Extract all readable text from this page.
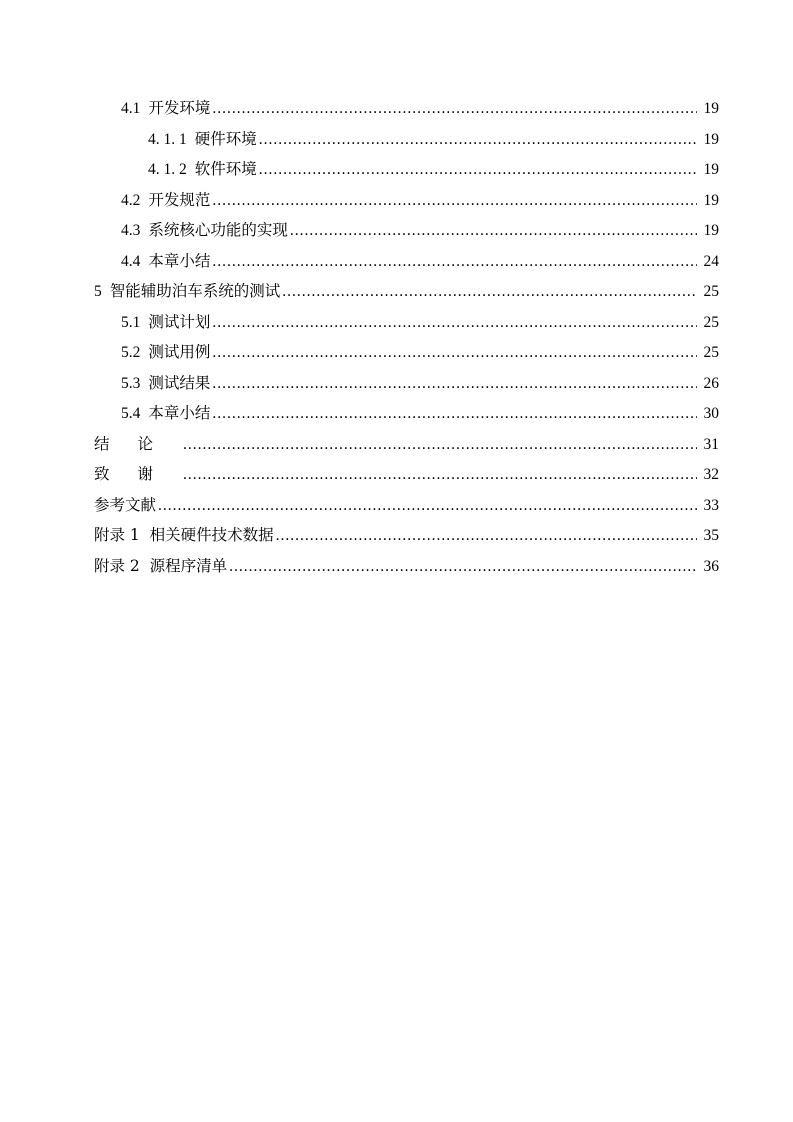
4.1 开发环境 .....	19
4. 1. 1 硬件环境 .....	19
4. 1. 2 软件环境 .....	19
4.2 开发规范 .....	19
4.3 系统核心功能的实现 .....	19
4.4 本章小结 .....	24
5 智能辅助泊车系统的测试 .....	25
5.1 测试计划 .....	25
5.2 测试用例 .....	25
5.3 测试结果 .....	26
5.4 本章小结 .....	30
结论 .....	31
致谢 .....	32
参考文献 .....	33
附录 1  相关硬件技术数据 .....	35
附录 2  源程序清单 .....	36
